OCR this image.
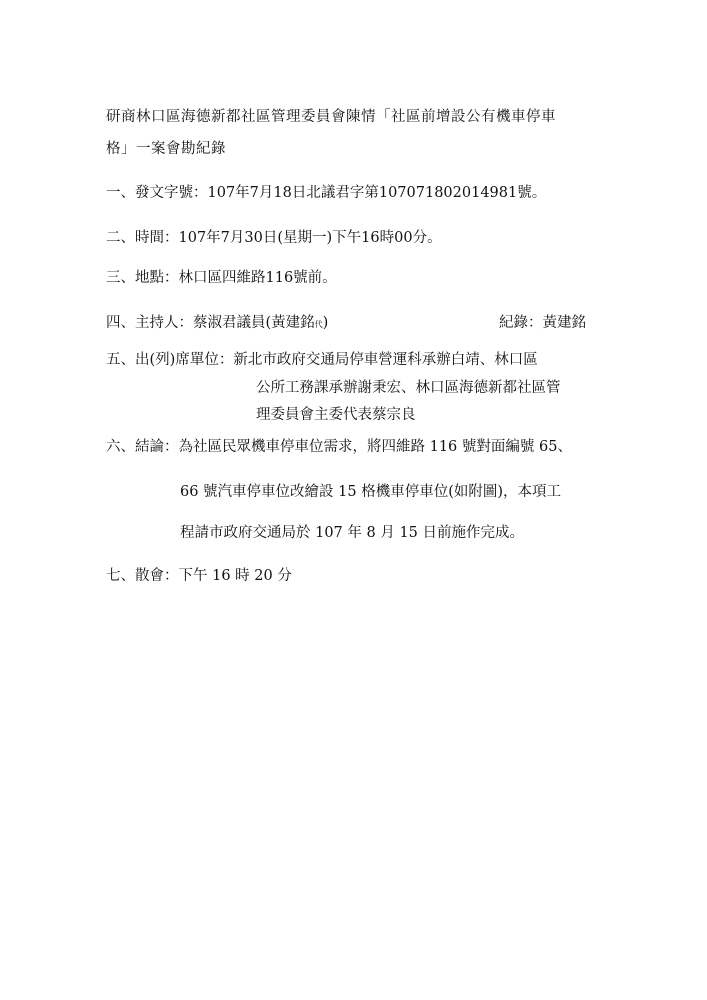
研商林口區海德新都社區管理委員會陳情「社區前增設公有機車停車
格」一案會勘紀錄
一、發文字號：107年7月18日北議君字第107071802014981號。
二、時間：107年7月30日(星期一)下午16時00分。
三、地點：林口區四維路116號前。
四、主持人：蔡淑君議員(黃建銘代)	紀錄：黃建銘
五、出(列)席單位：新北市政府交通局停車營運科承辦白靖、林口區
公所工務課承辦謝秉宏、林口區海德新都社區管
理委員會主委代表蔡宗良
六、結論：為社區民眾機車停車位需求，將四維路 116 號對面編號 65、
66 號汽車停車位改繪設 15 格機車停車位(如附圖)，本項工
程請市政府交通局於 107 年 8 月 15 日前施作完成。
七、散會：下午 16 時 20 分
